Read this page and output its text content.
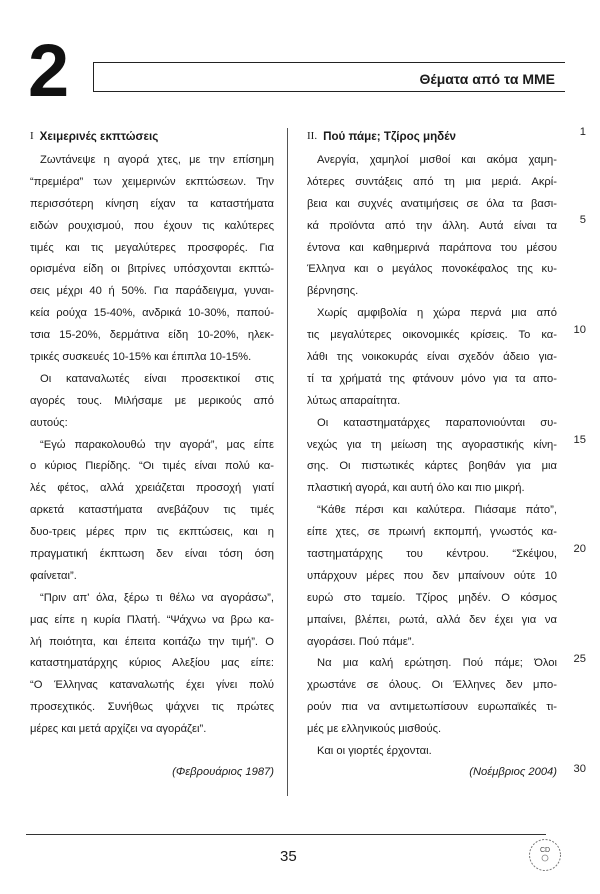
2	Θέματα από τα ΜΜΕ
I Χειμερινές εκπτώσεις
Ζωντάνεψε η αγορά χτες, με την επίσημη
“πρεμιέρα” των χειμερινών εκπτώσεων. Την
περισσότερη κίνηση είχαν τα καταστήματα
ειδών ρουχισμού, που έχουν τις καλύτερες
τιμές και τις μεγαλύτερες προσφορές. Για
ορισμένα είδη οι βιτρίνες υπόσχονται εκπτώ-
σεις μέχρι 40 ή 50%. Για παράδειγμα, γυναι-
κεία ρούχα 15-40%, ανδρικά 10-30%, παπού-
τσια 15-20%, δερμάτινα είδη 10-20%, ηλεκ-
τρικές συσκευές 10-15% και έπιπλα 10-15%.
Οι καταναλωτές είναι προσεκτικοί στις
αγορές τους. Μιλήσαμε με μερικούς από
αυτούς:
“Εγώ παρακολουθώ την αγορά”, μας είπε
ο κύριος Πιερίδης. “Οι τιμές είναι πολύ κα-
λές φέτος, αλλά χρειάζεται προσοχή γιατί
αρκετά καταστήματα ανεβάζουν τις τιμές
δυο-τρεις μέρες πριν τις εκπτώσεις, και η
πραγματική έκπτωση δεν είναι τόση όση
φαίνεται”.
“Πριν απ' όλα, ξέρω τι θέλω να αγοράσω”,
μας είπε η κυρία Πλατή. “Ψάχνω να βρω κα-
λή ποιότητα, και έπειτα κοιτάζω την τιμή”. Ο
καταστηματάρχης κύριος Αλεξίου μας είπε:
“Ο Έλληνας καταναλωτής έχει γίνει πολύ
προσεχτικός. Συνήθως ψάχνει τις πρώτες
μέρες και μετά αρχίζει να αγοράζει”.
II. Πού πάμε; Τζίρος μηδέν
Ανεργία, χαμηλοί μισθοί και ακόμα χαμη-
λότερες συντάξεις από τη μια μεριά. Ακρί-
βεια και συχνές ανατιμήσεις σε όλα τα βασι-
κά προϊόντα από την άλλη. Αυτά είναι τα
έντονα και καθημερινά παράπονα του μέσου
Έλληνα και ο μεγάλος πονοκέφαλος της κυ-
βέρνησης.
Χωρίς αμφιβολία η χώρα περνά μια από
τις μεγαλύτερες οικονομικές κρίσεις. Το κα-
λάθι της νοικοκυράς είναι σχεδόν άδειο για-
τί τα χρήματά της φτάνουν μόνο για τα απο-
λύτως απαραίτητα.
Οι καταστηματάρχες παραπονιούνται συ-
νεχώς για τη μείωση της αγοραστικής κίνη-
σης. Οι πιστωτικές κάρτες βοηθάν για μια
πλαστική αγορά, και αυτή όλο και πιο μικρή.
“Κάθε πέρσι και καλύτερα. Πιάσαμε πάτο”,
είπε χτες, σε πρωινή εκπομπή, γνωστός κα-
ταστηματάρχης του κέντρου. “Σκέψου,
υπάρχουν μέρες που δεν μπαίνουν ούτε 10
ευρώ στο ταμείο. Τζίρος μηδέν. Ο κόσμος
μπαίνει, βλέπει, ρωτά, αλλά δεν έχει για να
αγοράσει. Πού πάμε”.
Να μια καλή ερώτηση. Πού πάμε; Όλοι
χρωστάνε σε όλους. Οι Έλληνες δεν μπο-
ρούν πια να αντιμετωπίσουν ευρωπαϊκές τι-
μές με ελληνικούς μισθούς.
Και οι γιορτές έρχονται.
(Φεβρουάριος 1987)	(Νοέμβριος 2004)
1
5
10
15
20
25
30
35	CD
